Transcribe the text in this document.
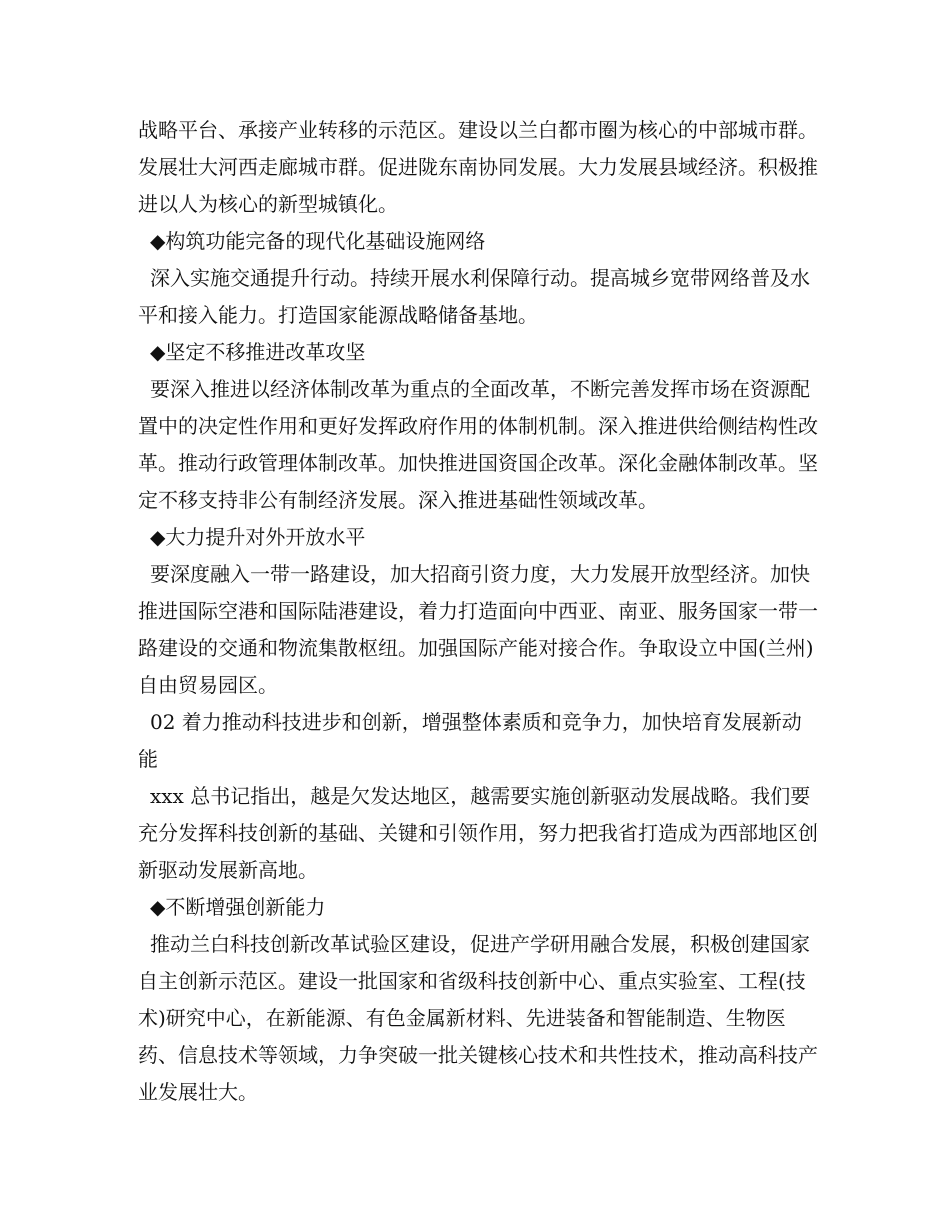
战略平台、承接产业转移的示范区。建设以兰白都市圈为核心的中部城市群。发展壮大河西走廊城市群。促进陇东南协同发展。大力发展县域经济。积极推进以人为核心的新型城镇化。

◆构筑功能完备的现代化基础设施网络

深入实施交通提升行动。持续开展水利保障行动。提高城乡宽带网络普及水平和接入能力。打造国家能源战略储备基地。

◆坚定不移推进改革攻坚

要深入推进以经济体制改革为重点的全面改革，不断完善发挥市场在资源配置中的决定性作用和更好发挥政府作用的体制机制。深入推进供给侧结构性改革。推动行政管理体制改革。加快推进国资国企改革。深化金融体制改革。坚定不移支持非公有制经济发展。深入推进基础性领域改革。

◆大力提升对外开放水平

要深度融入一带一路建设，加大招商引资力度，大力发展开放型经济。加快推进国际空港和国际陆港建设，着力打造面向中西亚、南亚、服务国家一带一路建设的交通和物流集散枢纽。加强国际产能对接合作。争取设立中国(兰州)自由贸易园区。

02 着力推动科技进步和创新，增强整体素质和竞争力，加快培育发展新动能

xxx 总书记指出，越是欠发达地区，越需要实施创新驱动发展战略。我们要充分发挥科技创新的基础、关键和引领作用，努力把我省打造成为西部地区创新驱动发展新高地。

◆不断增强创新能力

推动兰白科技创新改革试验区建设，促进产学研用融合发展，积极创建国家自主创新示范区。建设一批国家和省级科技创新中心、重点实验室、工程(技术)研究中心，在新能源、有色金属新材料、先进装备和智能制造、生物医药、信息技术等领域，力争突破一批关键核心技术和共性技术，推动高科技产业发展壮大。
